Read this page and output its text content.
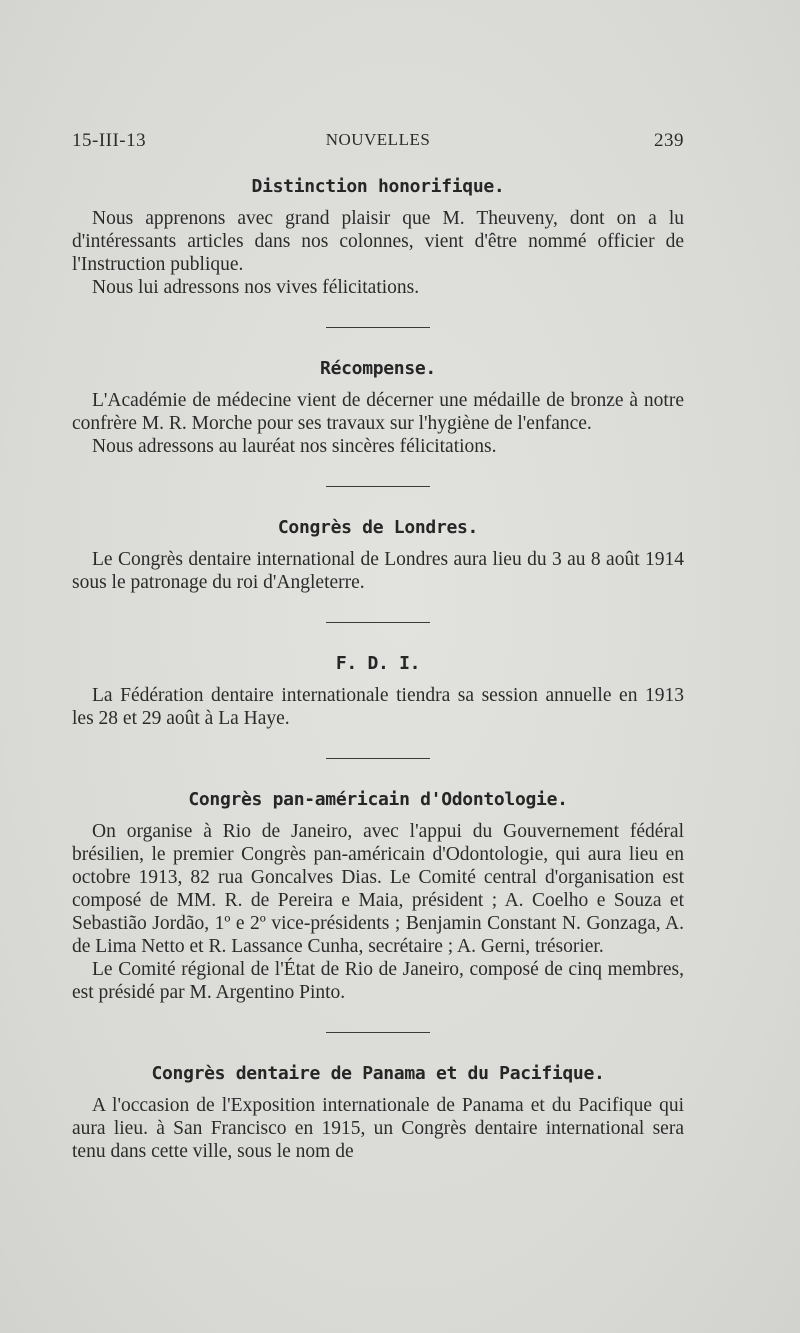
15-III-13	NOUVELLES	239
Distinction honorifique.

Nous apprenons avec grand plaisir que M. Theuveny, dont on a lu d'intéressants articles dans nos colonnes, vient d'être nommé officier de l'Instruction publique.

Nous lui adressons nos vives félicitations.

Récompense.

L'Académie de médecine vient de décerner une médaille de bronze à notre confrère M. R. Morche pour ses travaux sur l'hygiène de l'enfance.

Nous adressons au lauréat nos sincères félicitations.

Congrès de Londres.

Le Congrès dentaire international de Londres aura lieu du 3 au 8 août 1914 sous le patronage du roi d'Angleterre.

F. D. I.

La Fédération dentaire internationale tiendra sa session annuelle en 1913 les 28 et 29 août à La Haye.

Congrès pan-américain d'Odontologie.

On organise à Rio de Janeiro, avec l'appui du Gouvernement fédéral brésilien, le premier Congrès pan-américain d'Odontologie, qui aura lieu en octobre 1913, 82 rua Goncalves Dias. Le Comité central d'organisation est composé de MM. R. de Pereira e Maia, président ; A. Coelho e Souza et Sebastião Jordão, 1º e 2º vice-présidents ; Benjamin Constant N. Gonzaga, A. de Lima Netto et R. Lassance Cunha, secrétaire ; A. Gerni, trésorier.

Le Comité régional de l'État de Rio de Janeiro, composé de cinq membres, est présidé par M. Argentino Pinto.

Congrès dentaire de Panama et du Pacifique.

A l'occasion de l'Exposition internationale de Panama et du Pacifique qui aura lieu. à San Francisco en 1915, un Congrès dentaire international sera tenu dans cette ville, sous le nom de
